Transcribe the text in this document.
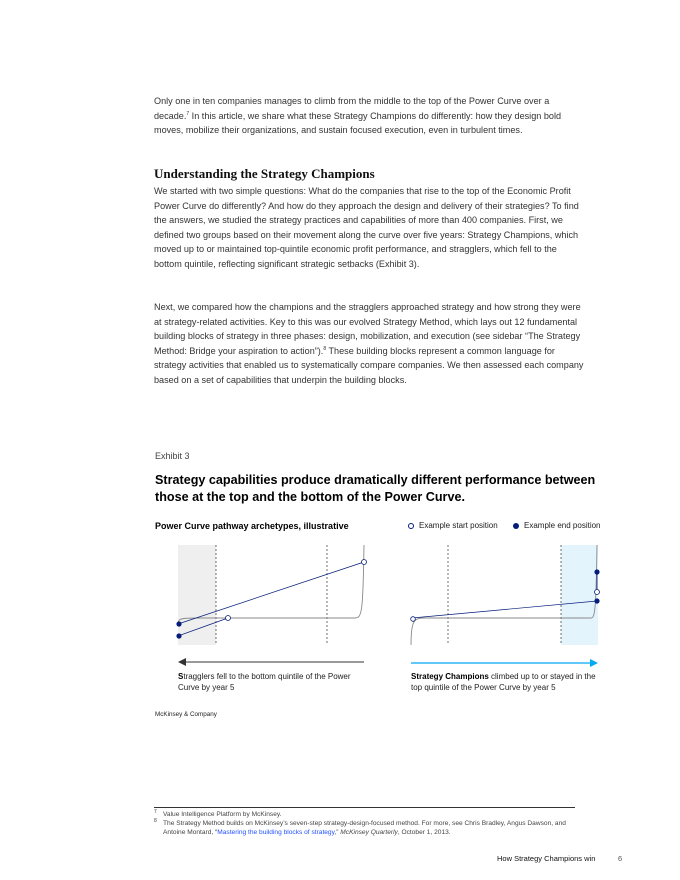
Only one in ten companies manages to climb from the middle to the top of the Power Curve over a decade.$^7$ In this article, we share what these Strategy Champions do differently: how they design bold moves, mobilize their organizations, and sustain focused execution, even in turbulent times.

Understanding the Strategy Champions

We started with two simple questions: What do the companies that rise to the top of the Economic Profit Power Curve do differently? And how do they approach the design and delivery of their strategies? To find the answers, we studied the strategy practices and capabilities of more than 400 companies. First, we defined two groups based on their movement along the curve over five years: Strategy Champions, which moved up to or maintained top-quintile economic profit performance, and stragglers, which fell to the bottom quintile, reflecting significant strategic setbacks (Exhibit 3).

Next, we compared how the champions and the stragglers approached strategy and how strong they were at strategy-related activities. Key to this was our evolved Strategy Method, which lays out 12 fundamental building blocks of strategy in three phases: design, mobilization, and execution (see sidebar “The Strategy Method: Bridge your aspiration to action”).$^8$ These building blocks represent a common language for strategy activities that enabled us to systematically compare companies. We then assessed each company based on a set of capabilities that underpin the building blocks.

Exhibit 3
Strategy capabilities produce dramatically different performance between those at the top and the bottom of the Power Curve.
Power Curve pathway archetypes, illustrative	Example start position	Example end position
Stragglers fell to the bottom quintile of the Power Curve by year 5
Strategy Champions climbed up to or stayed in the top quintile of the Power Curve by year 5
McKinsey & Company
7 Value Intelligence Platform by McKinsey.
8 The Strategy Method builds on McKinsey’s seven-step strategy-design-focused method. For more, see Chris Bradley, Angus Dawson, and Antoine Montard, “Mastering the building blocks of strategy,” McKinsey Quarterly, October 1, 2013.
How Strategy Champions win	6
